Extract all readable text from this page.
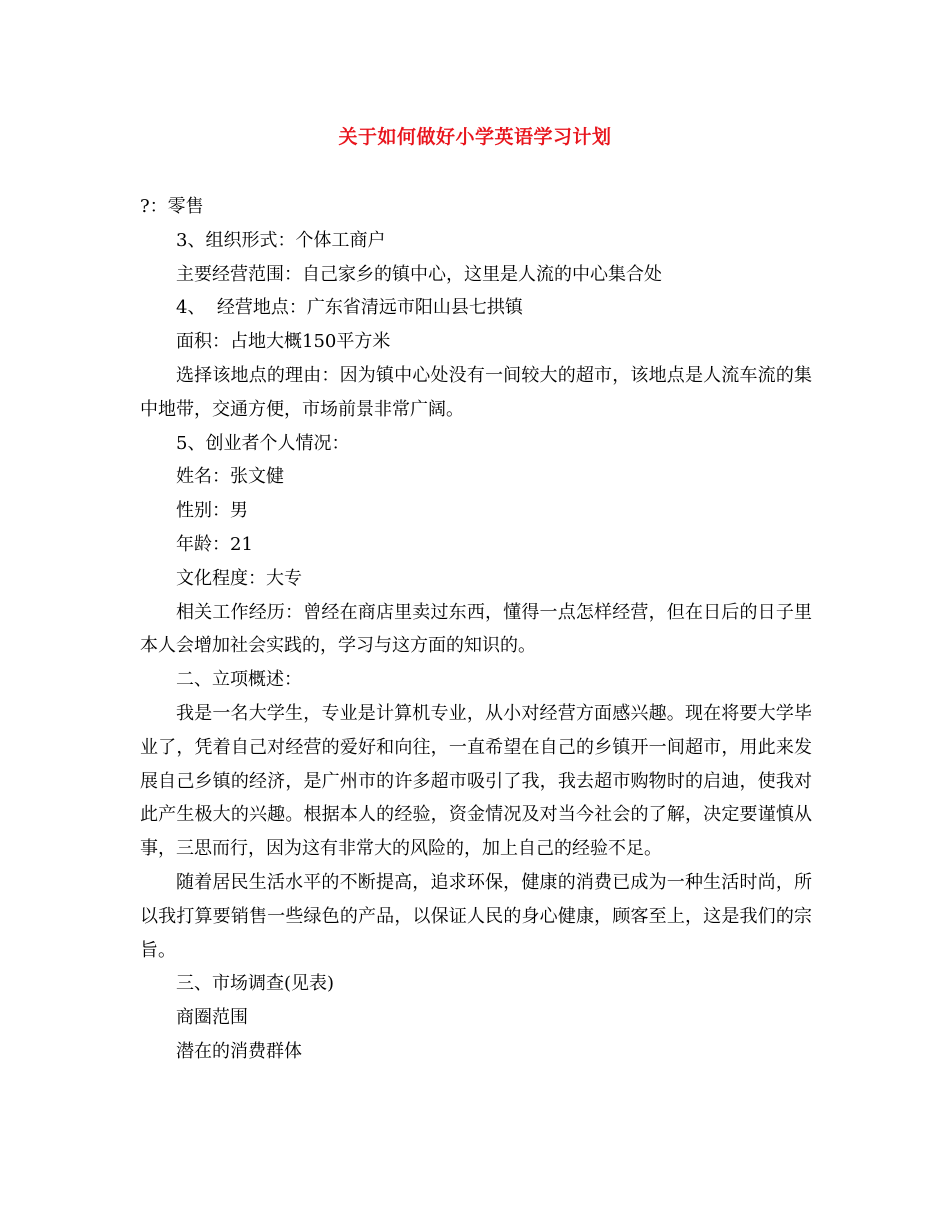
关于如何做好小学英语学习计划

?：零售

3、组织形式：个体工商户

主要经营范围：自己家乡的镇中心，这里是人流的中心集合处

4、  经营地点：广东省清远市阳山县七拱镇

面积：占地大概150平方米

选择该地点的理由：因为镇中心处没有一间较大的超市，该地点是人流车流的集中地带，交通方便，市场前景非常广阔。

5、创业者个人情况：

姓名：张文健

性别：男

年龄：21

文化程度：大专

相关工作经历：曾经在商店里卖过东西，懂得一点怎样经营，但在日后的日子里本人会增加社会实践的，学习与这方面的知识的。

二、立项概述：

我是一名大学生，专业是计算机专业，从小对经营方面感兴趣。现在将要大学毕业了，凭着自己对经营的爱好和向往，一直希望在自己的乡镇开一间超市，用此来发展自己乡镇的经济，是广州市的许多超市吸引了我，我去超市购物时的启迪，使我对此产生极大的兴趣。根据本人的经验，资金情况及对当今社会的了解，决定要谨慎从事，三思而行，因为这有非常大的风险的，加上自己的经验不足。

随着居民生活水平的不断提高，追求环保，健康的消费已成为一种生活时尚，所以我打算要销售一些绿色的产品，以保证人民的身心健康，顾客至上，这是我们的宗旨。

三、市场调查(见表)

商圈范围

潜在的消费群体
